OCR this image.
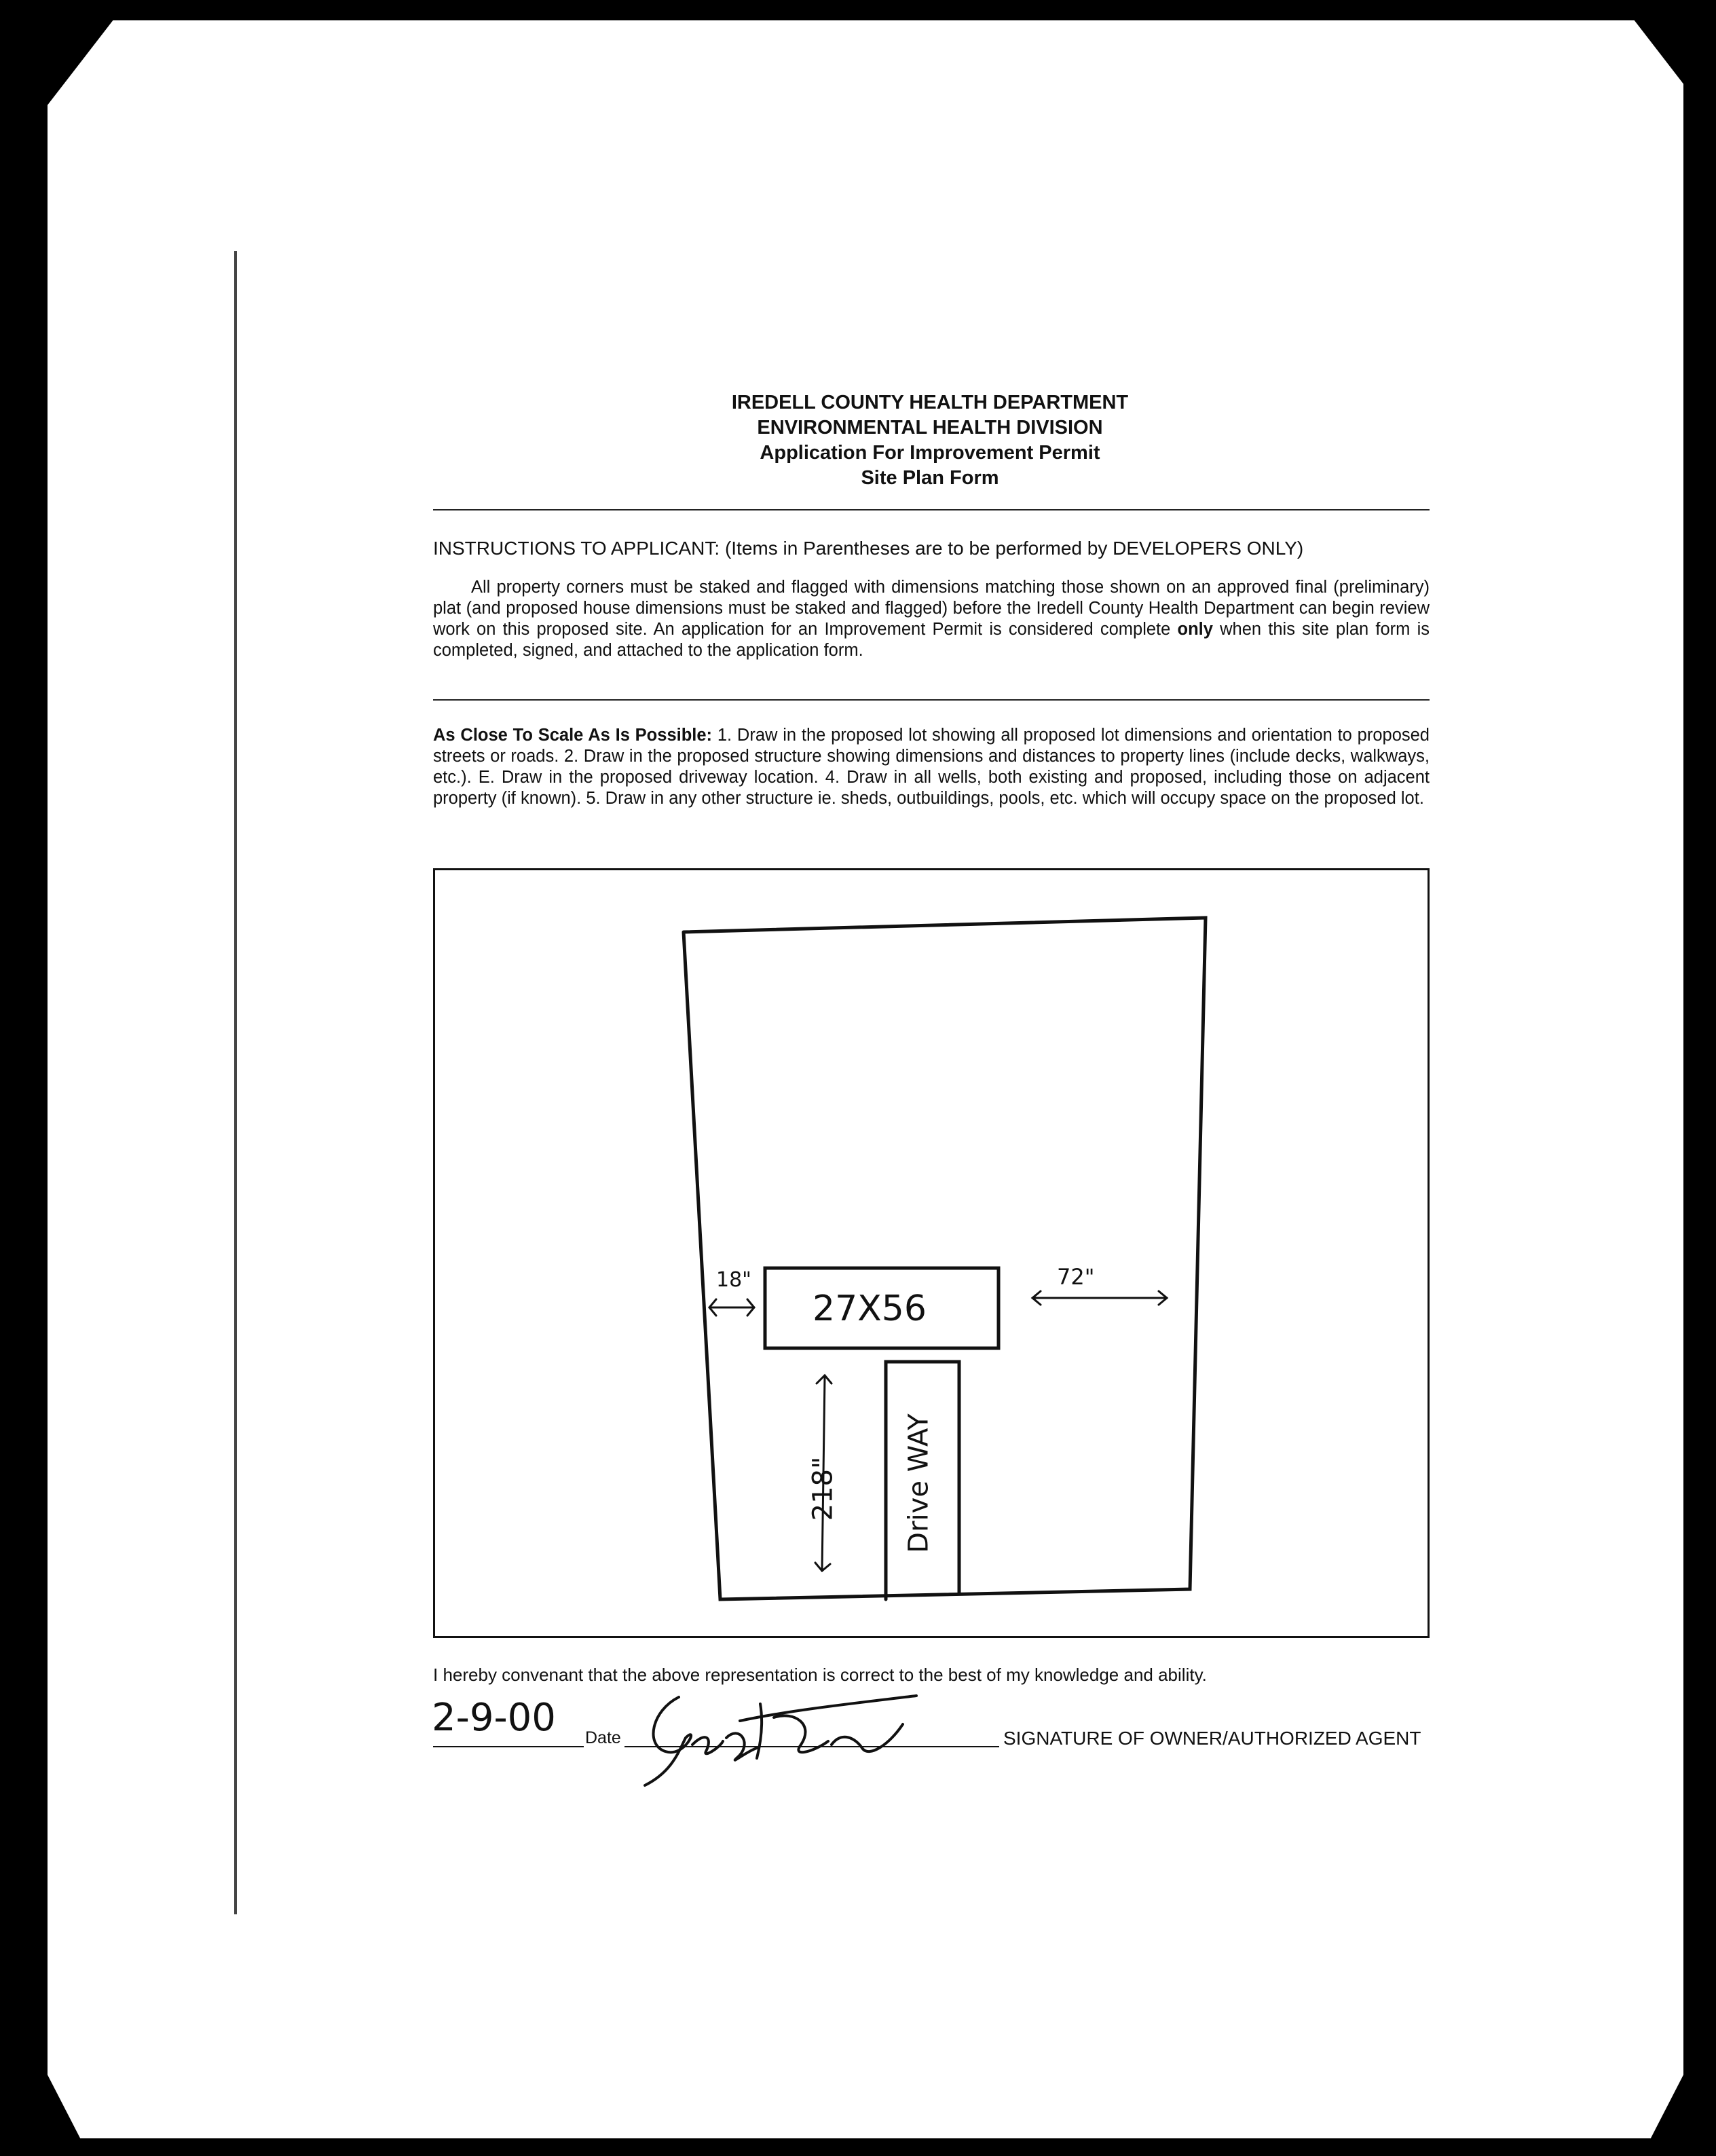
IREDELL COUNTY HEALTH DEPARTMENT
ENVIRONMENTAL HEALTH DIVISION
Application For Improvement Permit
Site Plan Form
INSTRUCTIONS TO APPLICANT: (Items in Parentheses are to be performed by DEVELOPERS ONLY)
All property corners must be staked and flagged with dimensions matching those shown on an approved final (preliminary) plat (and proposed house dimensions must be staked and flagged) before the Iredell County Health Department can begin review work on this proposed site. An application for an Improvement Permit is considered complete only when this site plan form is completed, signed, and attached to the application form.
As Close To Scale As Is Possible: 1. Draw in the proposed lot showing all proposed lot dimensions and orientation to proposed streets or roads. 2. Draw in the proposed structure showing dimensions and distances to property lines (include decks, walkways, etc.). E. Draw in the proposed driveway location. 4. Draw in all wells, both existing and proposed, including those on adjacent property (if known). 5. Draw in any other structure ie. sheds, outbuildings, pools, etc. which will occupy space on the proposed lot.
27X56
18"	72"
218" Drive WAY
I hereby convenant that the above representation is correct to the best of my knowledge and ability.
2-9-00 Date	SIGNATURE OF OWNER/AUTHORIZED AGENT
